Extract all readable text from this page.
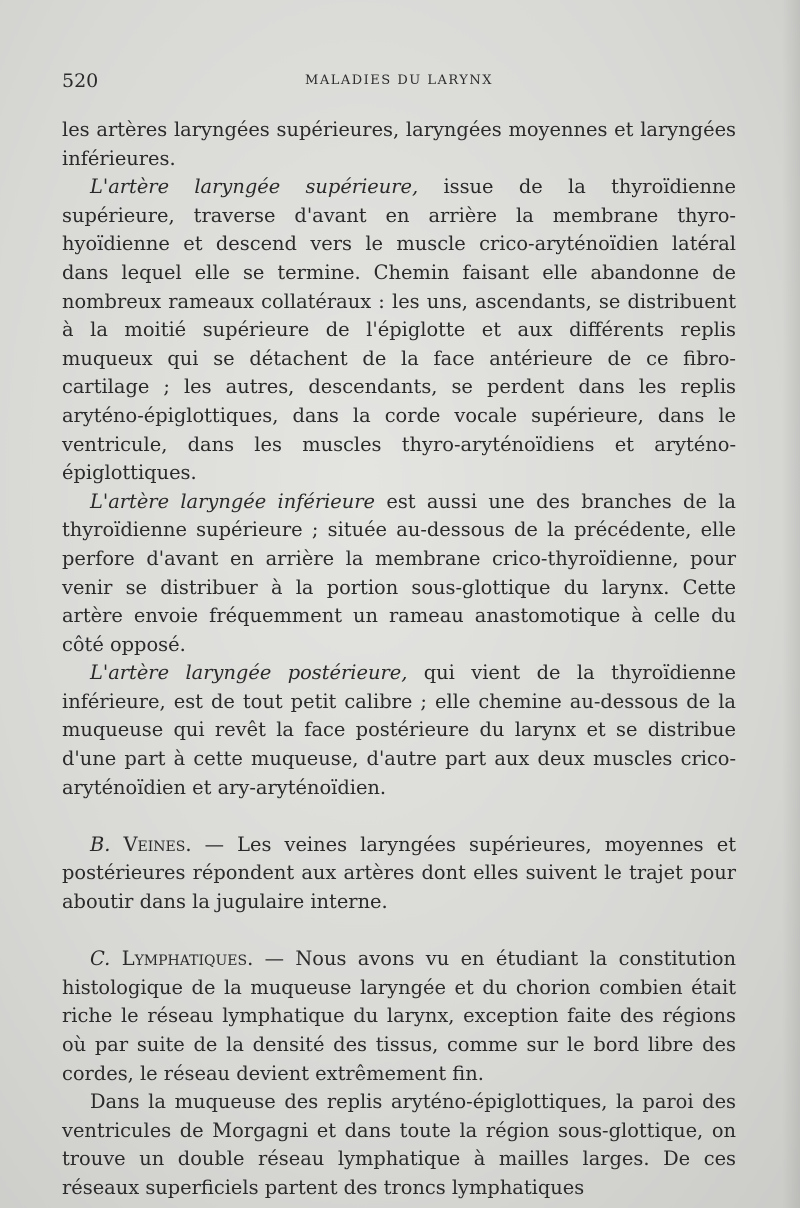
520	MALADIES DU LARYNX

les artères laryngées supérieures, laryngées moyennes et laryngées inférieures.

L'artère laryngée supérieure, issue de la thyroïdienne supérieure, traverse d'avant en arrière la membrane thyro-hyoïdienne et descend vers le muscle crico-aryténoïdien latéral dans lequel elle se termine. Chemin faisant elle abandonne de nombreux rameaux collatéraux : les uns, ascendants, se distribuent à la moitié supérieure de l'épiglotte et aux différents replis muqueux qui se détachent de la face antérieure de ce fibro-cartilage ; les autres, descendants, se perdent dans les replis aryténo-épiglottiques, dans la corde vocale supérieure, dans le ventricule, dans les muscles thyro-aryténoïdiens et aryténo-épiglottiques.

L'artère laryngée inférieure est aussi une des branches de la thyroïdienne supérieure ; située au-dessous de la précédente, elle perfore d'avant en arrière la membrane crico-thyroïdienne, pour venir se distribuer à la portion sous-glottique du larynx. Cette artère envoie fréquemment un rameau anastomotique à celle du côté opposé.

L'artère laryngée postérieure, qui vient de la thyroïdienne inférieure, est de tout petit calibre ; elle chemine au-dessous de la muqueuse qui revêt la face postérieure du larynx et se distribue d'une part à cette muqueuse, d'autre part aux deux muscles crico-aryténoïdien et ary-aryténoïdien.

B. Veines. — Les veines laryngées supérieures, moyennes et postérieures répondent aux artères dont elles suivent le trajet pour aboutir dans la jugulaire interne.

C. Lymphatiques. — Nous avons vu en étudiant la constitution histologique de la muqueuse laryngée et du chorion combien était riche le réseau lymphatique du larynx, exception faite des régions où par suite de la densité des tissus, comme sur le bord libre des cordes, le réseau devient extrêmement fin.

Dans la muqueuse des replis aryténo-épiglottiques, la paroi des ventricules de Morgagni et dans toute la région sous-glottique, on trouve un double réseau lymphatique à mailles larges. De ces réseaux superficiels partent des troncs lymphatiques
